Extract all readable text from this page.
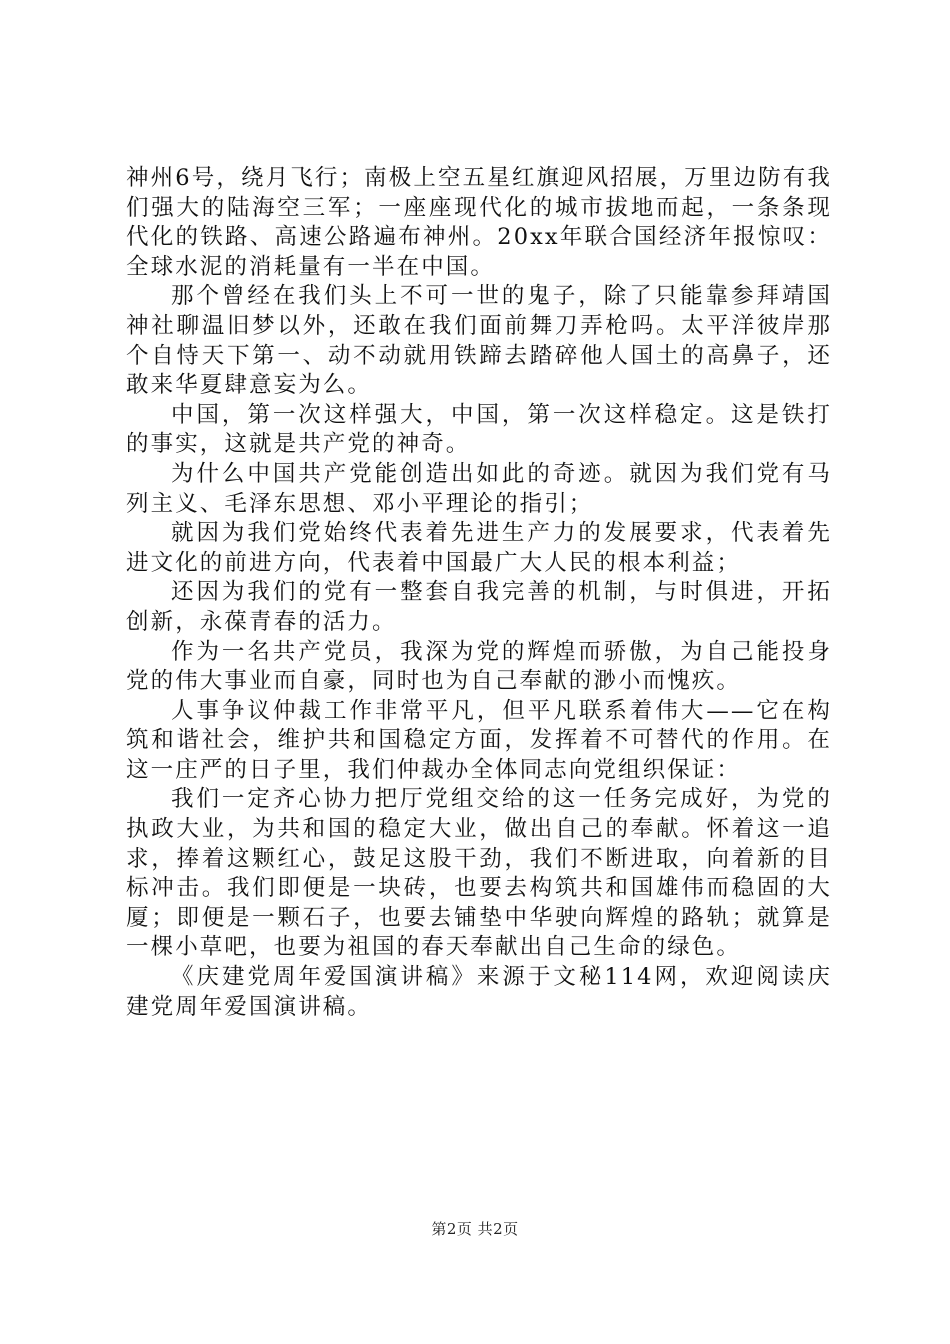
神州6号，绕月飞行；南极上空五星红旗迎风招展，万里边防有我们强大的陆海空三军；一座座现代化的城市拔地而起，一条条现代化的铁路、高速公路遍布神州。20xx年联合国经济年报惊叹：全球水泥的消耗量有一半在中国。

那个曾经在我们头上不可一世的鬼子，除了只能靠参拜靖国神社聊温旧梦以外，还敢在我们面前舞刀弄枪吗。太平洋彼岸那个自恃天下第一、动不动就用铁蹄去踏碎他人国土的高鼻子，还敢来华夏肆意妄为么。

中国，第一次这样强大，中国，第一次这样稳定。这是铁打的事实，这就是共产党的神奇。

为什么中国共产党能创造出如此的奇迹。就因为我们党有马列主义、毛泽东思想、邓小平理论的指引；

就因为我们党始终代表着先进生产力的发展要求，代表着先进文化的前进方向，代表着中国最广大人民的根本利益；

还因为我们的党有一整套自我完善的机制，与时俱进，开拓创新，永葆青春的活力。

作为一名共产党员，我深为党的辉煌而骄傲，为自己能投身党的伟大事业而自豪，同时也为自己奉献的渺小而愧疚。

人事争议仲裁工作非常平凡，但平凡联系着伟大——它在构筑和谐社会，维护共和国稳定方面，发挥着不可替代的作用。在这一庄严的日子里，我们仲裁办全体同志向党组织保证：

我们一定齐心协力把厅党组交给的这一任务完成好，为党的执政大业，为共和国的稳定大业，做出自己的奉献。怀着这一追求，捧着这颗红心，鼓足这股干劲，我们不断进取，向着新的目标冲击。我们即便是一块砖，也要去构筑共和国雄伟而稳固的大厦；即便是一颗石子，也要去铺垫中华驶向辉煌的路轨；就算是一棵小草吧，也要为祖国的春天奉献出自己生命的绿色。

《庆建党周年爱国演讲稿》来源于文秘114网，欢迎阅读庆建党周年爱国演讲稿。

第2页 共2页
